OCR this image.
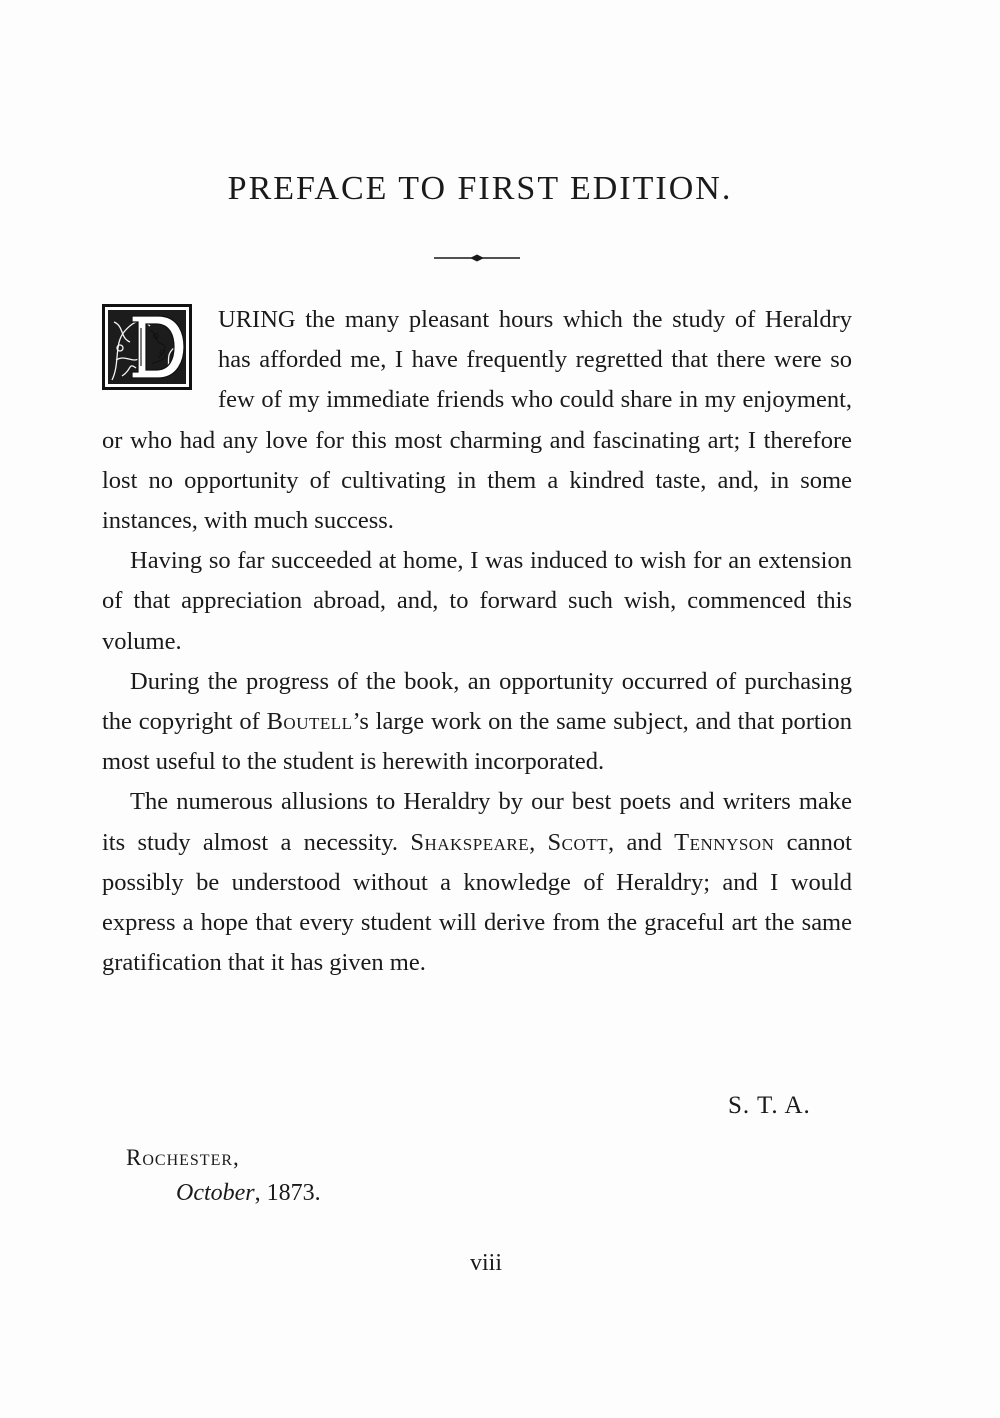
PREFACE TO FIRST EDITION.

URING the many pleasant hours which the study of Heraldry has afforded me, I have frequently regretted that there were so few of my immediate friends who could share in my enjoyment, or who had any love for this most charming and fascinating art; I therefore lost no opportunity of cultivating in them a kindred taste, and, in some instances, with much success.

Having so far succeeded at home, I was induced to wish for an extension of that appreciation abroad, and, to forward such wish, commenced this volume.

During the progress of the book, an opportunity occurred of purchasing the copyright of Boutell’s large work on the same subject, and that portion most useful to the student is herewith incorporated.

The numerous allusions to Heraldry by our best poets and writers make its study almost a necessity. Shakspeare, Scott, and Tennyson cannot possibly be understood without a knowledge of Heraldry; and I would express a hope that every student will derive from the graceful art the same gratification that it has given me.

S. T. A.
Rochester,
October, 1873.
viii
